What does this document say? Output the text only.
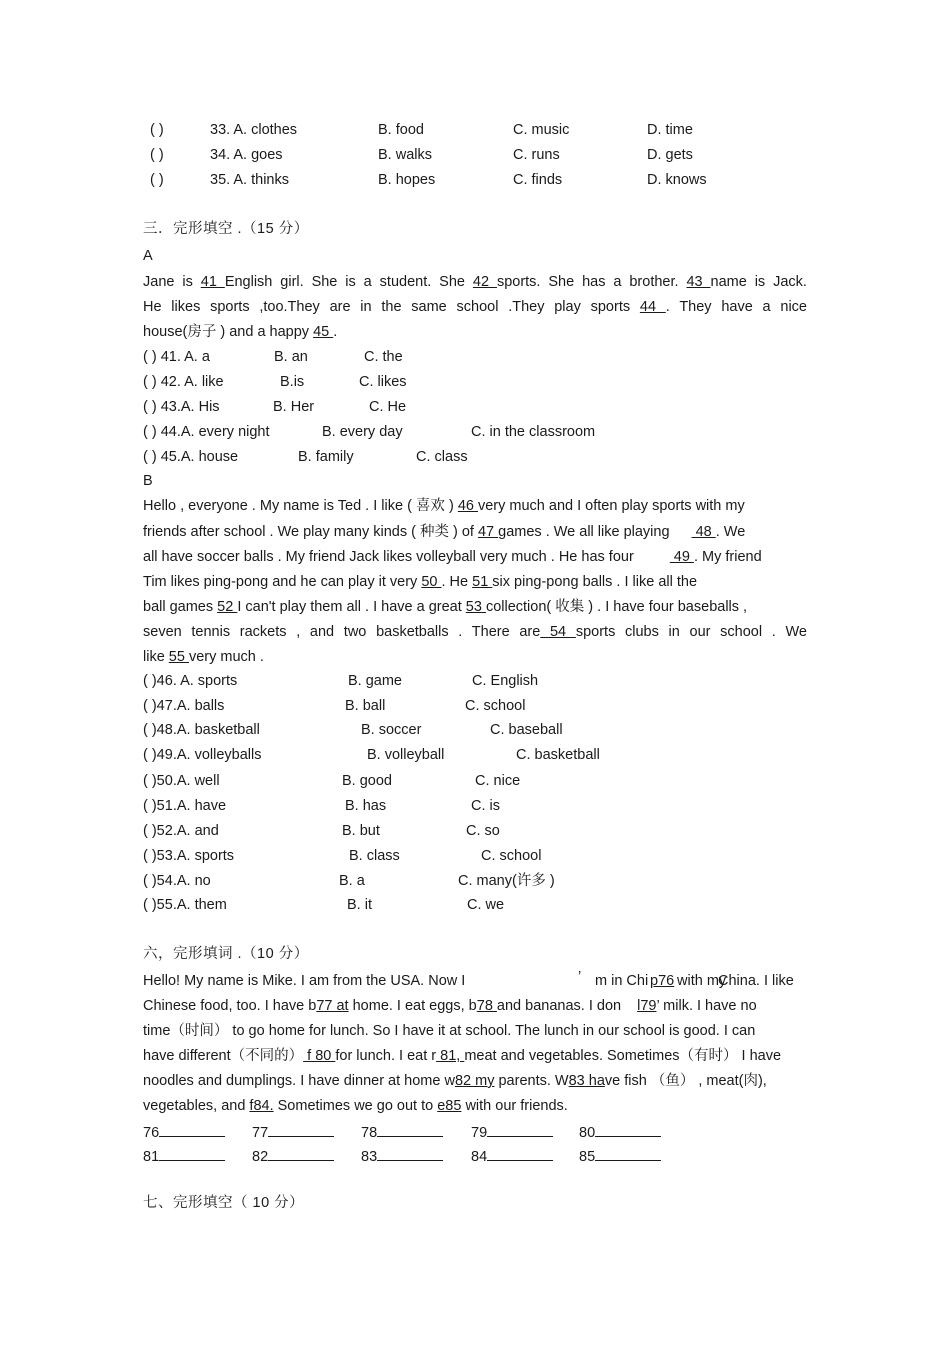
( )	33. A. clothes	B. food	C. music	D. time
( )	34. A. goes	B. walks	C. runs	D. gets
( )	35. A. thinks	B. hopes	C. finds	D. knows
三．完形填空 .（15 分）
A
Jane is 41 English girl. She is a student. She 42 sports. She has a brother. 43 name is Jack.
He likes sports ,too.They are in the same school .They play sports 44 . They have a nice
house(房子 ) and a happy 45 .
( ) 41. A. a	B. an	C. the
( ) 42. A. like	B.is	C. likes
( ) 43.A. His	B. Her	C. He
( ) 44.A. every night	B. every day	C. in the classroom
( ) 45.A. house	B. family	C. class
B
Hello , everyone . My name is Ted . I like ( 喜欢 ) 46 very much and I often play sports with my
friends after school . We play many kinds ( 种类 ) of 47 games . We all like playing 48 . We
all have soccer balls . My friend Jack likes volleyball very much . He has four 49 . My friend
Tim likes ping-pong and he can play it very 50 . He 51 six ping-pong balls . I like all the
ball games 52 I can't play them all . I have a great 53 collection( 收集 ) . I have four baseballs ,
seven tennis rackets , and two basketballs . There are 54 sports clubs in our school . We
like 55 very much .
( )46. A. sports	B. game	C. English
( )47.A. balls	B. ball	C. school
( )48.A. basketball	B. soccer	C. baseball
( )49.A. volleyballs	B. volleyball	C. basketball
( )50.A. well	B. good	C. nice
( )51.A. have	B. has	C. is
( )52.A. and	B. but	C. so
( )53.A. sports	B. class	C. school
( )54.A. no	B. a	C. many(许多 )
( )55.A. them	B. it	C. we
六，完形填词 .（10 分）
Hello! My name is Mike. I am from the USA. Now I	’ m in Chi p76 with my
China. I like
Chinese food, too. I have b77 at home. I eat eggs, b78 and bananas. I don l79’ milk. I have no
time（时间） to go home for lunch. So I have it at school. The lunch in our school is good. I can
have different（不同的） f 80 for lunch. I eat r 81, meat and vegetables. Sometimes（有时） I have
noodles and dumplings. I have dinner at home w82 my parents. W83 have fish （鱼） , meat(肉),
vegetables, and f84. Sometimes we go out to e85 with our friends.
76	77	78	79	80
81	82	83	84	85
七、完形填空（ 10 分）
